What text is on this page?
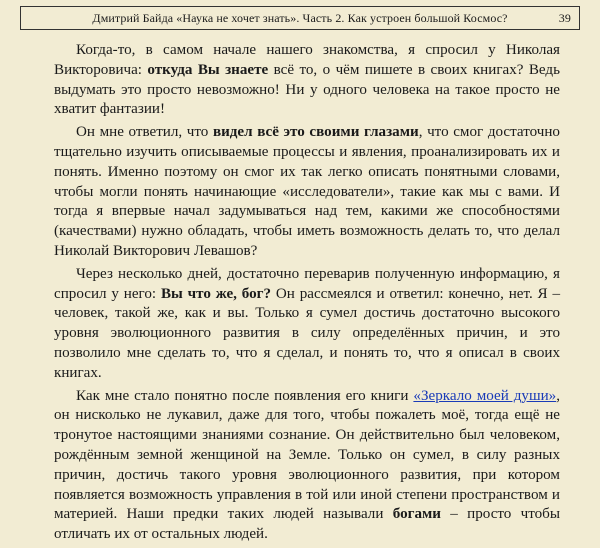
Дмитрий Байда «Наука не хочет знать». Часть 2. Как устроен большой Космос?	39

Когда-то, в самом начале нашего знакомства, я спросил у Николая Викторовича: откуда Вы знаете всё то, о чём пишете в своих книгах? Ведь выдумать это просто невозможно! Ни у одного человека на такое просто не хватит фантазии!

Он мне ответил, что видел всё это своими глазами, что смог достаточно тщательно изучить описываемые процессы и явления, проанализировать их и понять. Именно поэтому он смог их так легко описать понятными словами, чтобы могли понять начинающие «исследователи», такие как мы с вами. И тогда я впервые начал задумываться над тем, какими же способностями (качествами) нужно обладать, чтобы иметь возможность делать то, что делал Николай Викторович Левашов?

Через несколько дней, достаточно переварив полученную информацию, я спросил у него: Вы что же, бог? Он рассмеялся и ответил: конечно, нет. Я – человек, такой же, как и вы. Только я сумел достичь достаточно высокого уровня эволюционного развития в силу определённых причин, и это позволило мне сделать то, что я сделал, и понять то, что я описал в своих книгах.

Как мне стало понятно после появления его книги «Зеркало моей души», он нисколько не лукавил, даже для того, чтобы пожалеть моё, тогда ещё не тронутое настоящими знаниями сознание. Он действительно был человеком, рождённым земной женщиной на Земле. Только он сумел, в силу разных причин, достичь такого уровня эволюционного развития, при котором появляется возможность управления в той или иной степени пространством и материей. Наши предки таких людей называли богами – просто чтобы отличать их от остальных людей.
